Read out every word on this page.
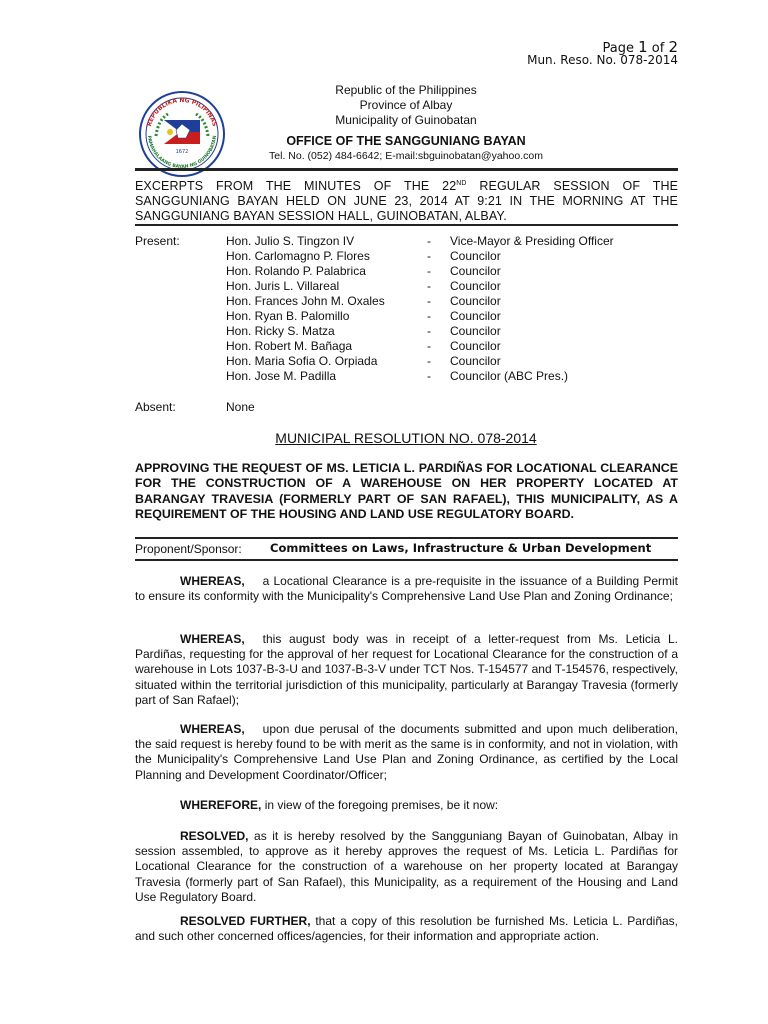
Page 1 of 2
Mun. Reso. No. 078-2014
REPUBLIKA NG PILIPINAS
PAMAHALAANG BAYAN NG GUINOBATAN
1672
Republic of the Philippines
Province of Albay
Municipality of Guinobatan
OFFICE OF THE SANGGUNIANG BAYAN
Tel. No. (052) 484-6642; E-mail:sbguinobatan@yahoo.com
EXCERPTS FROM THE MINUTES OF THE 22ND REGULAR SESSION OF THE SANGGUNIANG BAYAN HELD ON JUNE 23, 2014 AT 9:21 IN THE MORNING AT THE SANGGUNIANG BAYAN SESSION HALL, GUINOBATAN, ALBAY.
Present:	Hon. Julio S. Tingzon IV	- Vice-Mayor & Presiding Officer
Hon. Carlomagno P. Flores	- Councilor
Hon. Rolando P. Palabrica	- Councilor
Hon. Juris L. Villareal	- Councilor
Hon. Frances John M. Oxales	- Councilor
Hon. Ryan B. Palomillo	- Councilor
Hon. Ricky S. Matza	- Councilor
Hon. Robert M. Bañaga	- Councilor
Hon. Maria Sofia O. Orpiada	- Councilor
Hon. Jose M. Padilla	- Councilor (ABC Pres.)
Absent:	None
MUNICIPAL RESOLUTION NO. 078-2014
APPROVING THE REQUEST OF MS. LETICIA L. PARDIÑAS FOR LOCATIONAL CLEARANCE FOR THE CONSTRUCTION OF A WAREHOUSE ON HER PROPERTY LOCATED AT BARANGAY TRAVESIA (FORMERLY PART OF SAN RAFAEL), THIS MUNICIPALITY, AS A REQUIREMENT OF THE HOUSING AND LAND USE REGULATORY BOARD.
Proponent/Sponsor: Committees on Laws, Infrastructure & Urban Development
WHEREAS, a Locational Clearance is a pre-requisite in the issuance of a Building Permit to ensure its conformity with the Municipality's Comprehensive Land Use Plan and Zoning Ordinance;
WHEREAS, this august body was in receipt of a letter-request from Ms. Leticia L. Pardiñas, requesting for the approval of her request for Locational Clearance for the construction of a warehouse in Lots 1037-B-3-U and 1037-B-3-V under TCT Nos. T-154577 and T-154576, respectively, situated within the territorial jurisdiction of this municipality, particularly at Barangay Travesia (formerly part of San Rafael);
WHEREAS, upon due perusal of the documents submitted and upon much deliberation, the said request is hereby found to be with merit as the same is in conformity, and not in violation, with the Municipality's Comprehensive Land Use Plan and Zoning Ordinance, as certified by the Local Planning and Development Coordinator/Officer;
WHEREFORE, in view of the foregoing premises, be it now:
RESOLVED, as it is hereby resolved by the Sangguniang Bayan of Guinobatan, Albay in session assembled, to approve as it hereby approves the request of Ms. Leticia L. Pardiñas for Locational Clearance for the construction of a warehouse on her property located at Barangay Travesia (formerly part of San Rafael), this Municipality, as a requirement of the Housing and Land Use Regulatory Board.
RESOLVED FURTHER, that a copy of this resolution be furnished Ms. Leticia L. Pardiñas, and such other concerned offices/agencies, for their information and appropriate action.
